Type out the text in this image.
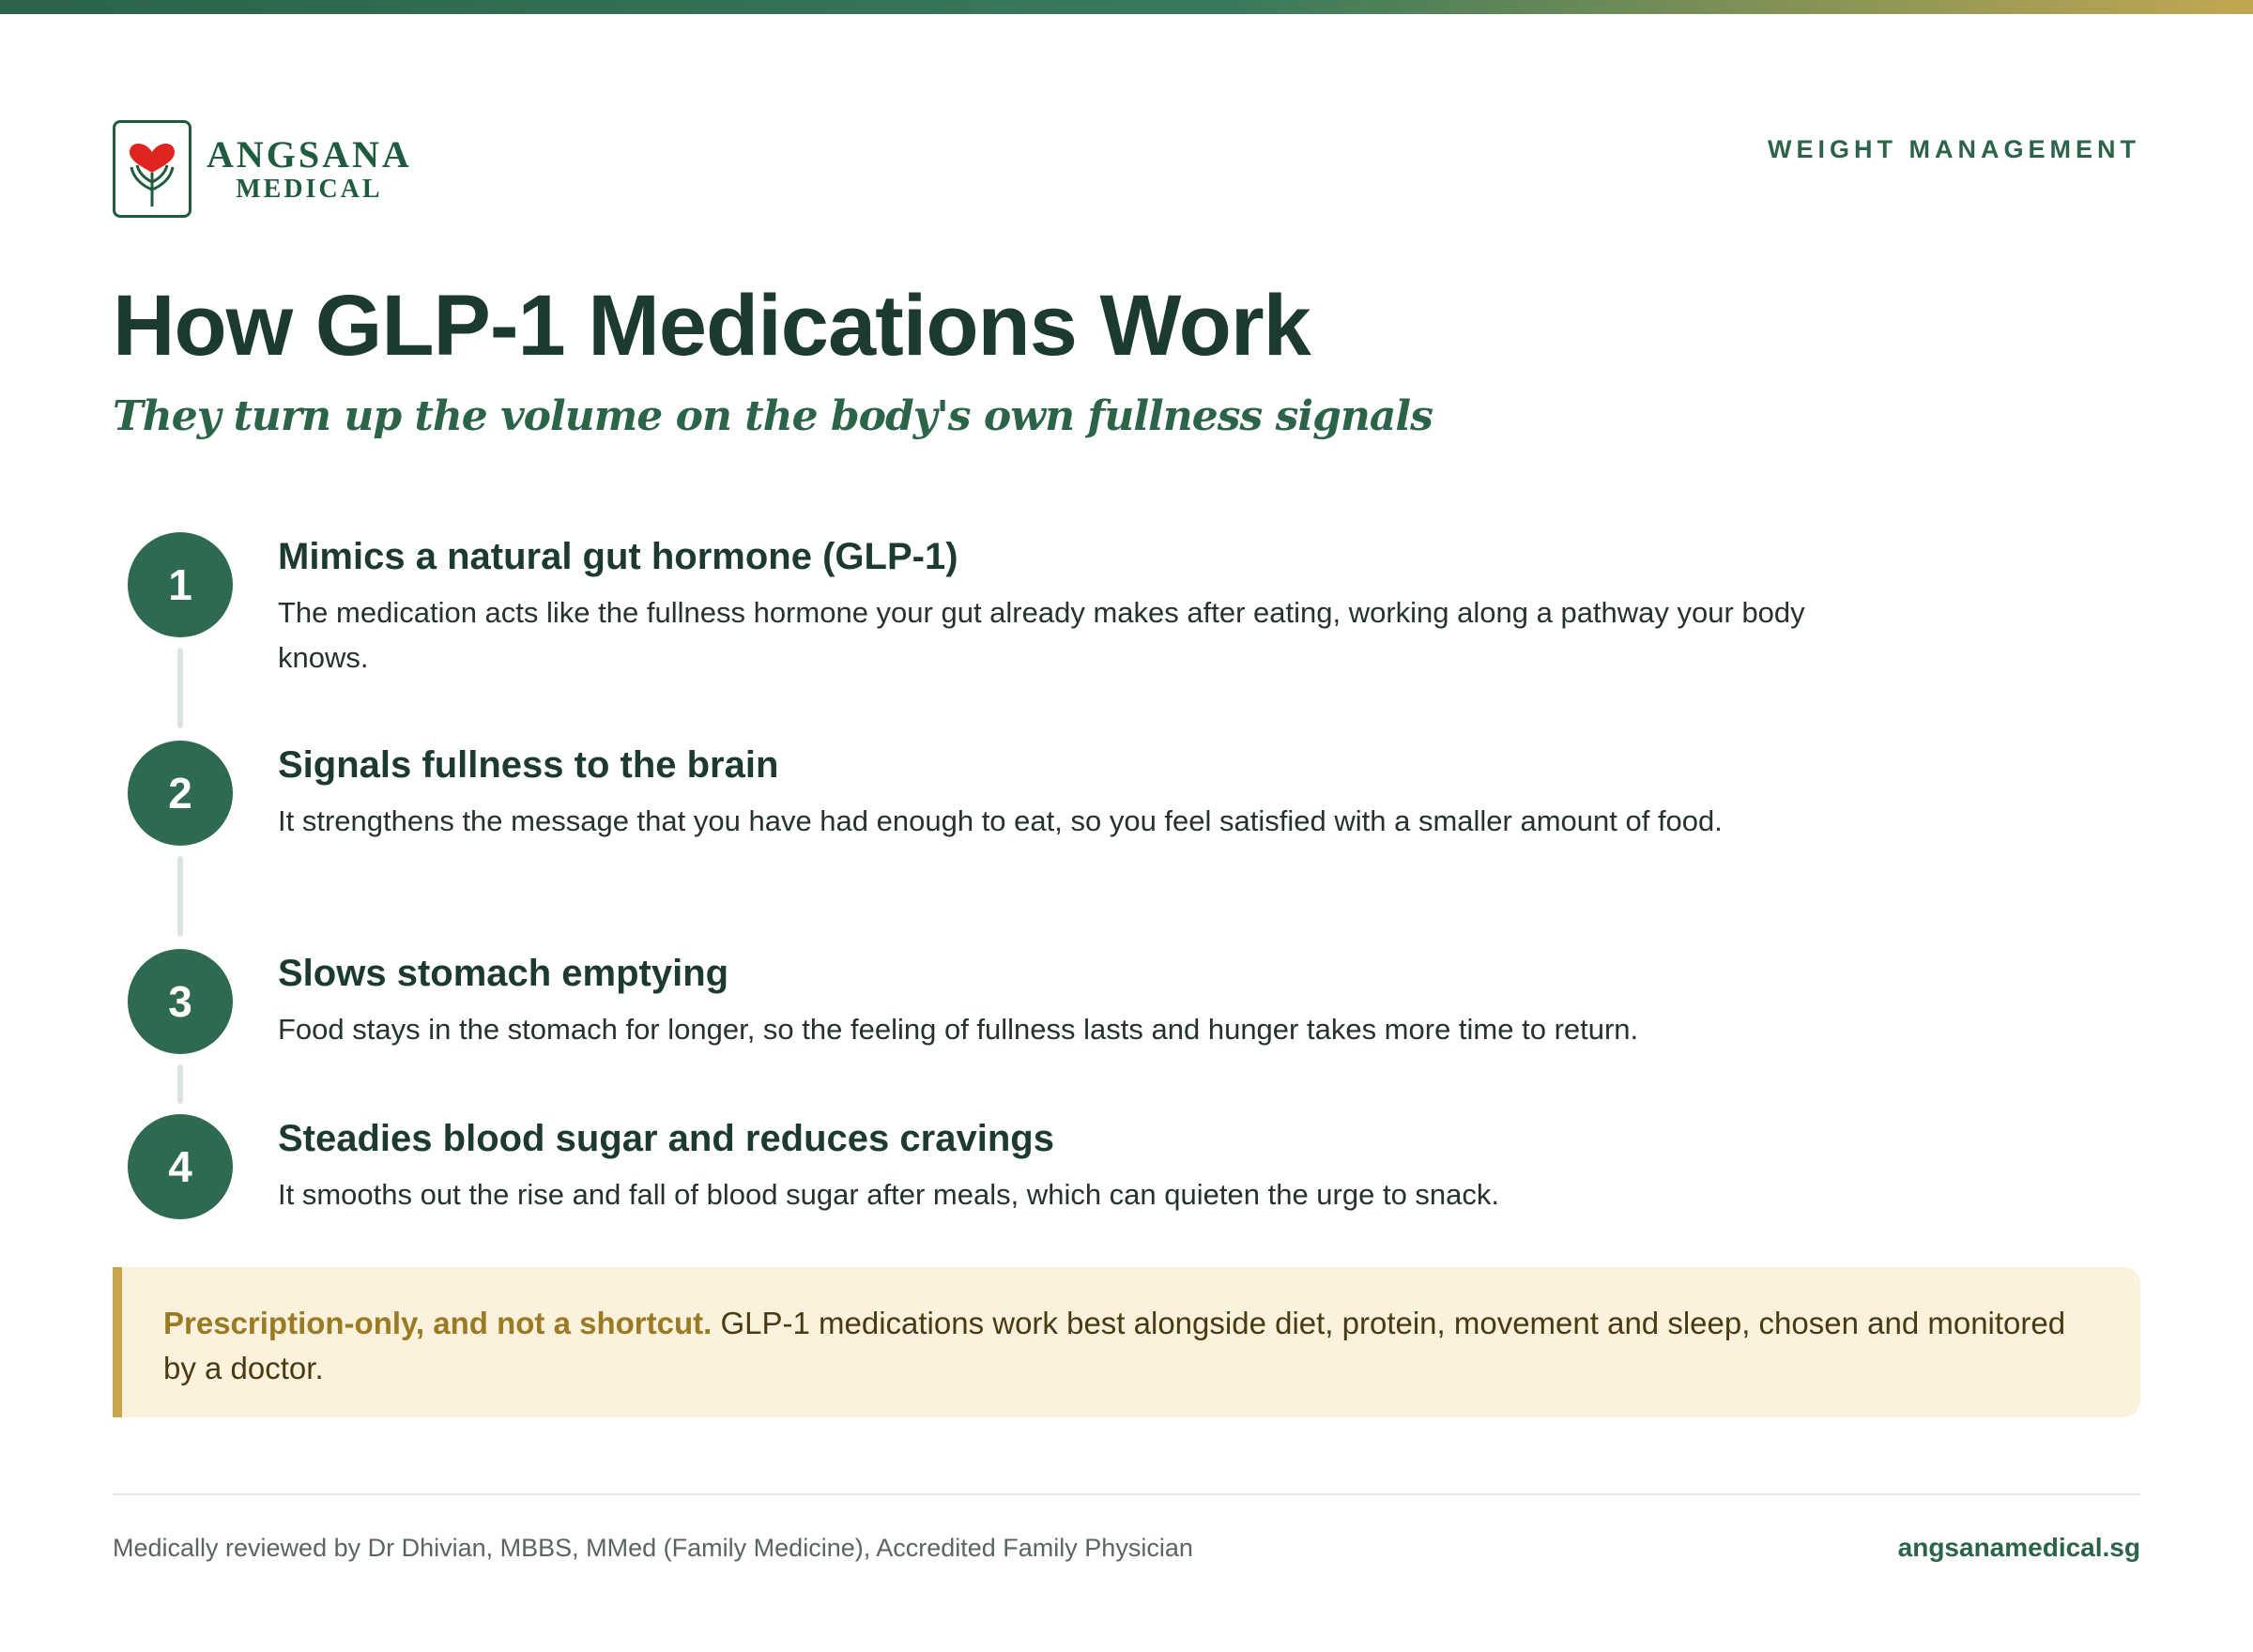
ANGSANA
MEDICAL
WEIGHT MANAGEMENT
How GLP-1 Medications Work
They turn up the volume on the body's own fullness signals
1
Mimics a natural gut hormone (GLP-1)
The medication acts like the fullness hormone your gut already makes after eating, working along a pathway your body knows.
2
Signals fullness to the brain
It strengthens the message that you have had enough to eat, so you feel satisfied with a smaller amount of food.
3
Slows stomach emptying
Food stays in the stomach for longer, so the feeling of fullness lasts and hunger takes more time to return.
4
Steadies blood sugar and reduces cravings
It smooths out the rise and fall of blood sugar after meals, which can quieten the urge to snack.
Prescription-only, and not a shortcut. GLP-1 medications work best alongside diet, protein, movement and sleep, chosen and monitored by a doctor.
Medically reviewed by Dr Dhivian, MBBS, MMed (Family Medicine), Accredited Family Physician	angsanamedical.sg
